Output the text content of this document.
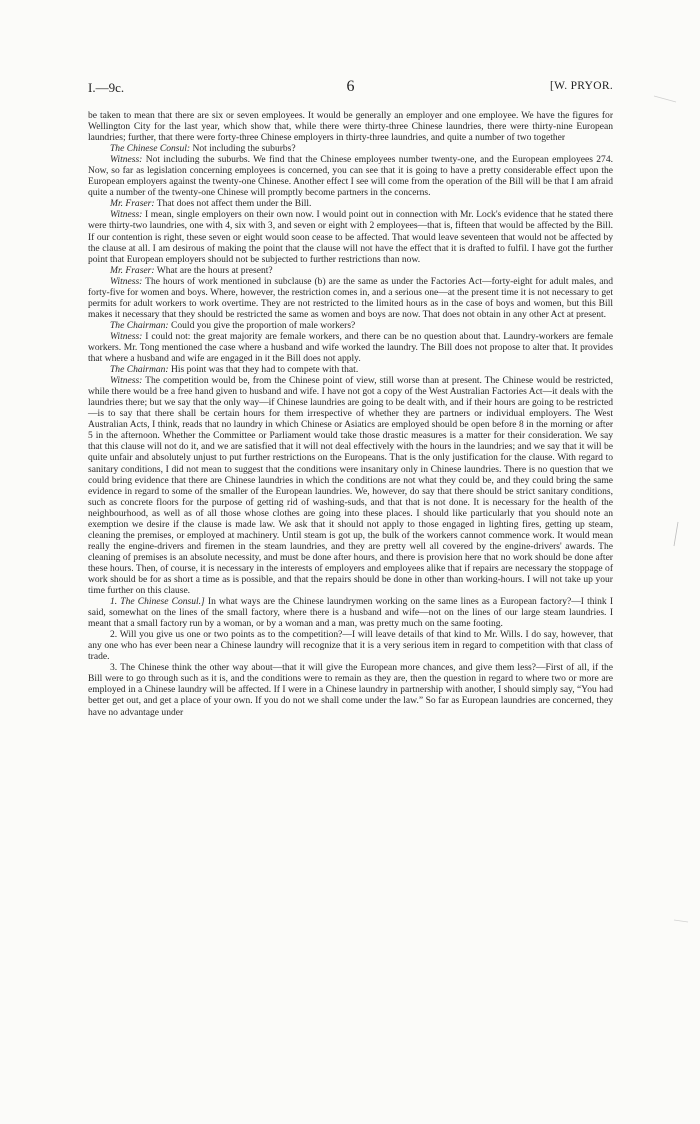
I.—9c.	6	[W. PRYOR.

be taken to mean that there are six or seven employees. It would be generally an employer and one employee. We have the figures for Wellington City for the last year, which show that, while there were thirty-three Chinese laundries, there were thirty-nine European laundries; further, that there were forty-three Chinese employers in thirty-three laundries, and quite a number of two together

The Chinese Consul: Not including the suburbs?

Witness: Not including the suburbs. We find that the Chinese employees number twenty-one, and the European employees 274. Now, so far as legislation concerning employees is concerned, you can see that it is going to have a pretty considerable effect upon the European employers against the twenty-one Chinese. Another effect I see will come from the operation of the Bill will be that I am afraid quite a number of the twenty-one Chinese will promptly become partners in the concerns.

Mr. Fraser: That does not affect them under the Bill.

Witness: I mean, single employers on their own now. I would point out in connection with Mr. Lock's evidence that he stated there were thirty-two laundries, one with 4, six with 3, and seven or eight with 2 employees—that is, fifteen that would be affected by the Bill. If our contention is right, these seven or eight would soon cease to be affected. That would leave seventeen that would not be affected by the clause at all. I am desirous of making the point that the clause will not have the effect that it is drafted to fulfil. I have got the further point that European employers should not be subjected to further restrictions than now.

Mr. Fraser: What are the hours at present?

Witness: The hours of work mentioned in subclause (b) are the same as under the Factories Act—forty-eight for adult males, and forty-five for women and boys. Where, however, the restriction comes in, and a serious one—at the present time it is not necessary to get permits for adult workers to work overtime. They are not restricted to the limited hours as in the case of boys and women, but this Bill makes it necessary that they should be restricted the same as women and boys are now. That does not obtain in any other Act at present.

The Chairman: Could you give the proportion of male workers?

Witness: I could not: the great majority are female workers, and there can be no question about that. Laundry-workers are female workers. Mr. Tong mentioned the case where a husband and wife worked the laundry. The Bill does not propose to alter that. It provides that where a husband and wife are engaged in it the Bill does not apply.

The Chairman: His point was that they had to compete with that.

Witness: The competition would be, from the Chinese point of view, still worse than at present. The Chinese would be restricted, while there would be a free hand given to husband and wife. I have not got a copy of the West Australian Factories Act—it deals with the laundries there; but we say that the only way—if Chinese laundries are going to be dealt with, and if their hours are going to be restricted—is to say that there shall be certain hours for them irrespective of whether they are partners or individual employers. The West Australian Acts, I think, reads that no laundry in which Chinese or Asiatics are employed should be open before 8 in the morning or after 5 in the afternoon. Whether the Committee or Parliament would take those drastic measures is a matter for their consideration. We say that this clause will not do it, and we are satisfied that it will not deal effectively with the hours in the laundries; and we say that it will be quite unfair and absolutely unjust to put further restrictions on the Europeans. That is the only justification for the clause. With regard to sanitary conditions, I did not mean to suggest that the conditions were insanitary only in Chinese laundries. There is no question that we could bring evidence that there are Chinese laundries in which the conditions are not what they could be, and they could bring the same evidence in regard to some of the smaller of the European laundries. We, however, do say that there should be strict sanitary conditions, such as concrete floors for the purpose of getting rid of washing-suds, and that that is not done. It is necessary for the health of the neighbourhood, as well as of all those whose clothes are going into these places. I should like particularly that you should note an exemption we desire if the clause is made law. We ask that it should not apply to those engaged in lighting fires, getting up steam, cleaning the premises, or employed at machinery. Until steam is got up, the bulk of the workers cannot commence work. It would mean really the engine-drivers and firemen in the steam laundries, and they are pretty well all covered by the engine-drivers' awards. The cleaning of premises is an absolute necessity, and must be done after hours, and there is provision here that no work should be done after these hours. Then, of course, it is necessary in the interests of employers and employees alike that if repairs are necessary the stoppage of work should be for as short a time as is possible, and that the repairs should be done in other than working-hours. I will not take up your time further on this clause.

1. The Chinese Consul.] In what ways are the Chinese laundrymen working on the same lines as a European factory?—I think I said, somewhat on the lines of the small factory, where there is a husband and wife—not on the lines of our large steam laundries. I meant that a small factory run by a woman, or by a woman and a man, was pretty much on the same footing.

2. Will you give us one or two points as to the competition?—I will leave details of that kind to Mr. Wills. I do say, however, that any one who has ever been near a Chinese laundry will recognize that it is a very serious item in regard to competition with that class of trade.

3. The Chinese think the other way about—that it will give the European more chances, and give them less?—First of all, if the Bill were to go through such as it is, and the conditions were to remain as they are, then the question in regard to where two or more are employed in a Chinese laundry will be affected. If I were in a Chinese laundry in partnership with another, I should simply say, “You had better get out, and get a place of your own. If you do not we shall come under the law.” So far as European laundries are concerned, they have no advantage under
